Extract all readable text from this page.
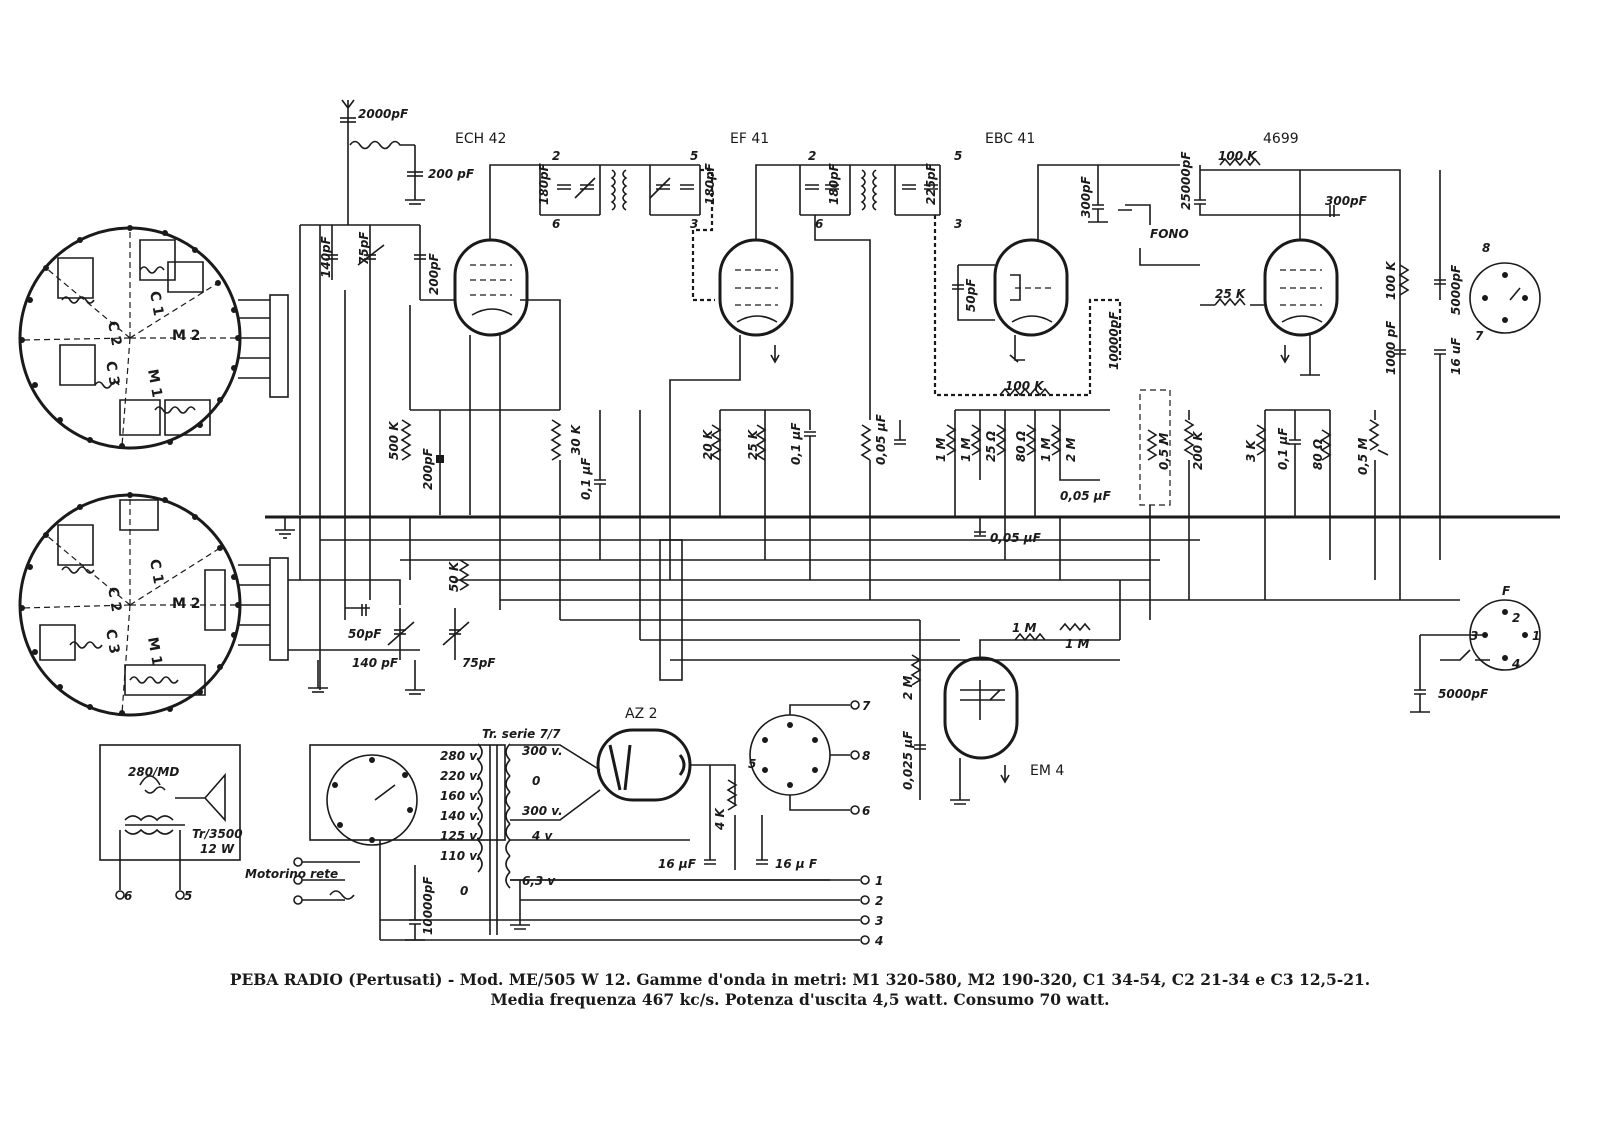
C 2
C 1
M 2
M 1
C 3
C 2
C 1
M 2
M 1
C 3
2000pF
200 pF
140pF 75pF
200pF
50pF
140 pF	75pF
ECH 42
500 K
200pF
30 K
0,1 µF
50 K
2	5
6	3
180pF	180pF
EF 41
20 K	25 K 0,1 µF
2	5
6	3
180pF	225pF
0,05 µF
EBC 41
50pF
300pF
FONO
10000pF
100 K
1 M 1 M 25 Ω 80 Ω 1 M 2 M
0,05 µF
0,5 M 200 K
0,05 µF
4699
100 K
25000pF	300pF
25 K
3 K 0,1 µF 80 Ω	0,5 M
100 K
1000 pF
5000pF
16 uF
8
7
EM 4
2 M
0,025 µF
1 M
1 M
F
1
2
3
4
5000pF
280/MD
Tr/3500
12 W
6	5
Tr. serie 7/7
280 v.
220 v.
160 v.
140 v.
125 v.
110 v.
0
300 v.
0
300 v.
4 v
6,3 v
AZ 2
4 K
16 µF	16 µ F
7
8
6
5
1
2
3
4
Motorino rete
10000pF
PEBA RADIO (Pertusati) - Mod. ME/505 W 12. Gamme d'onda in metri: M1 320-580, M2 190-320, C1 34-54, C2 21-34 e C3 12,5-21.
Media frequenza 467 kc/s. Potenza d'uscita 4,5 watt. Consumo 70 watt.
